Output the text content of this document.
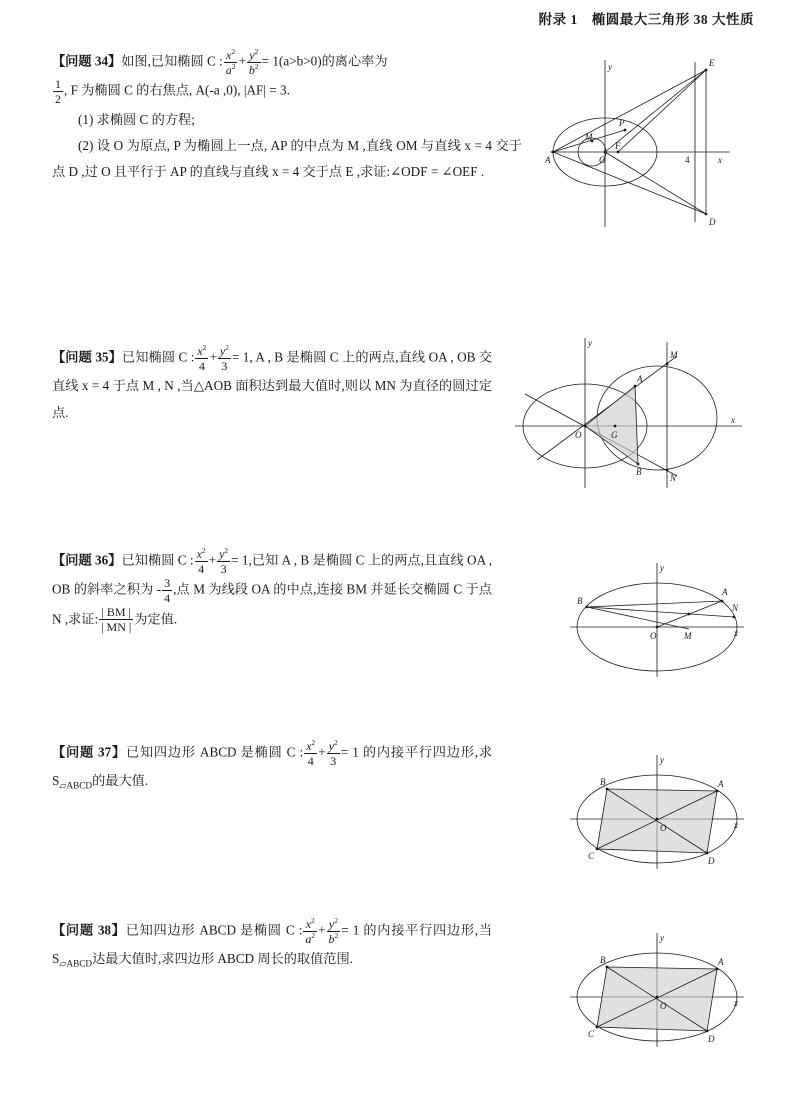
附录 1　椭圆最大三角形 38 大性质
【问题 34】如图,已知椭圆 C : $\frac{x^2}{a^2} + \frac{y^2}{b^2} = 1(a>b>0)$的离心率为

$\frac{1}{2}$ , F 为椭圆 C 的右焦点, A(-a ,0), |AF| = 3.
(1) 求椭圆 C 的方程;
(2) 设 O 为原点, P 为椭圆上一点, AP 的中点为 M ,直线 OM 与直线 x = 4 交于点 D ,过 O 且平行于 AP 的直线与直线 x = 4 交于点 E ,求证:∠ODF = ∠OEF .
y	E
P
M
F
A	O	4	x
D
【问题 35】已知椭圆 C : $\frac{x^2}{4} + \frac{y^2}{3} = 1$, A , B 是椭圆 C 上的两点,直线 OA , OB 交直线 x = 4 于点 M , N ,当△AOB 面积达到最大值时,则以 MN 为直径的圆过定点.
y
M
A
O	G
x
B
N
【问题 36】已知椭圆 C : $\frac{x^2}{4} + \frac{y^2}{3} = 1$,已知 A , B 是椭圆 C 上的两点,且直线 OA , OB 的斜率之积为 - $\frac{3}{4}$ ,点 M 为线段 OA 的中点,连接 BM 并延长交椭圆 C 于点 N ,求证: $\frac{| BM |}{| MN |}$ 为定值.
y
A
B
N
O	M	x
【问题 37】已知四边形 ABCD 是椭圆 C : $\frac{x^2}{4} + \frac{y^2}{3} = 1$ 的内接平行四边形,求 $S_{▱ABCD}$的最大值.
y
B	A
O	x
C	D
【问题 38】已知四边形 ABCD 是椭圆 C : $\frac{x^2}{a^2} + \frac{y^2}{b^2} = 1$ 的内接平行四边形,当 $S_{▱ABCD}$达最大值时,求四边形 ABCD 周长的取值范围.
y
B	A
O	x
C	D
